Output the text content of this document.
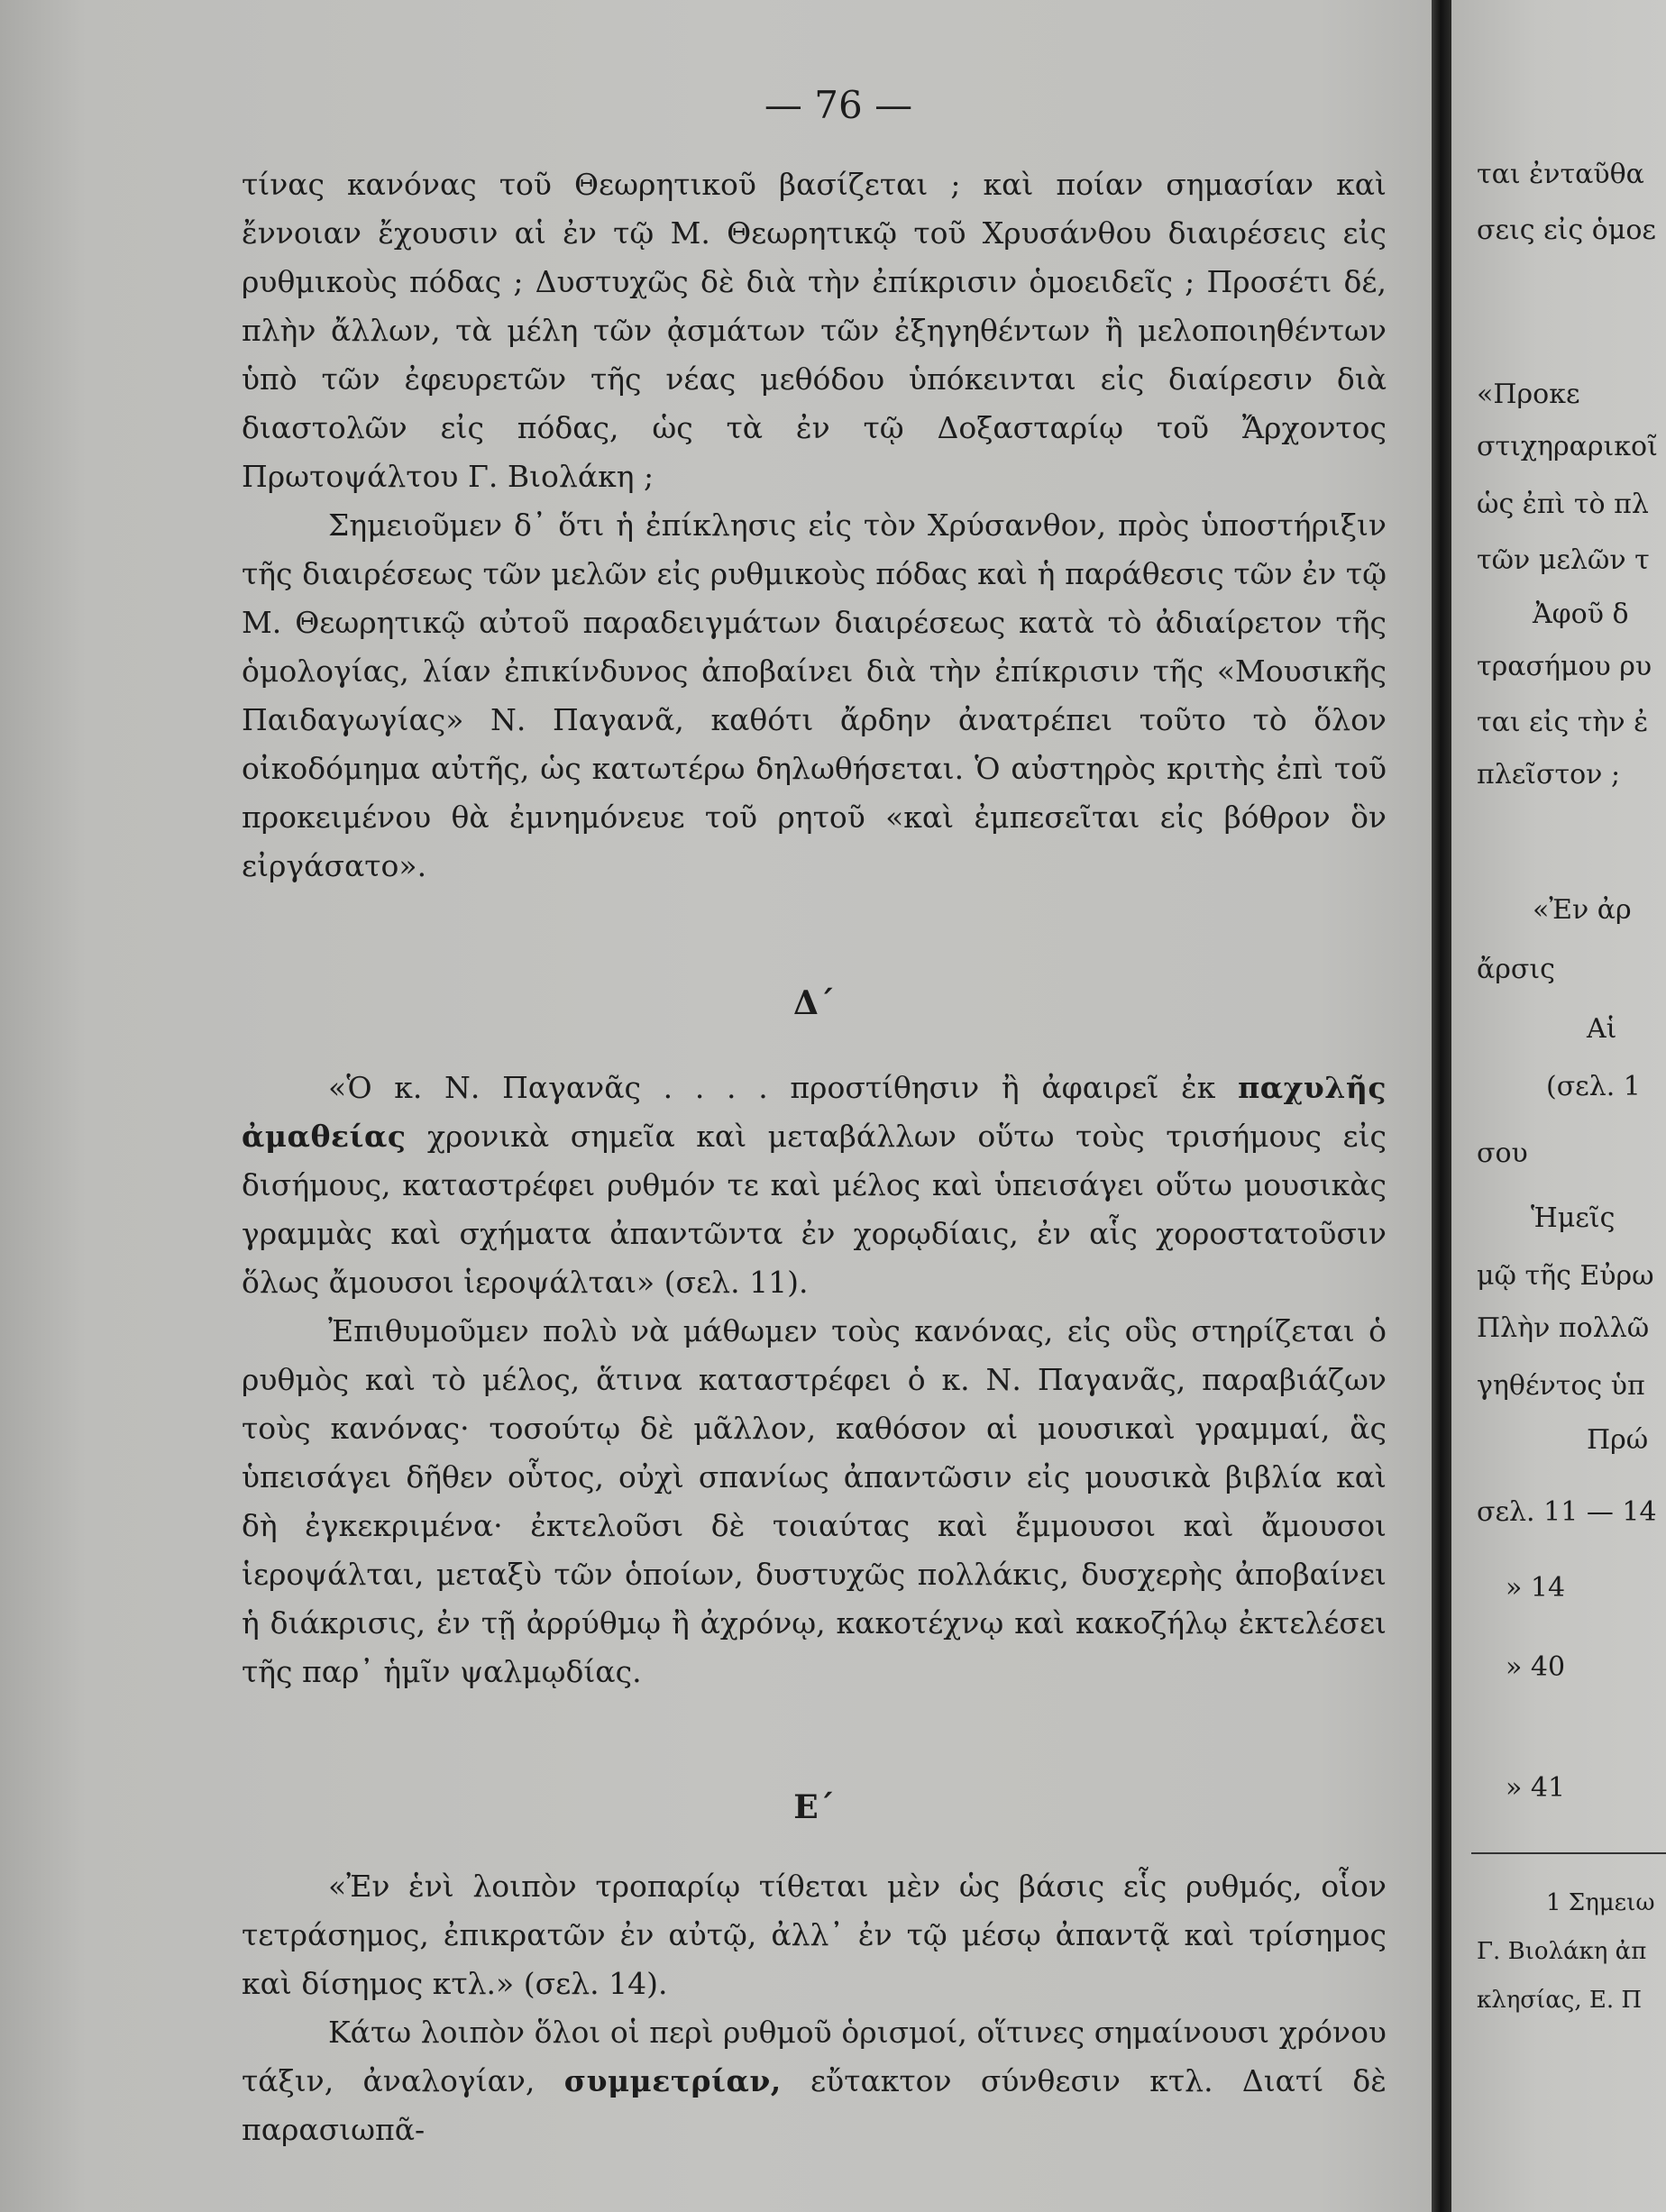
— 76 —

τίνας κανόνας τοῦ Θεωρητικοῦ βασίζεται ; καὶ ποίαν σημασίαν καὶ ἔννοιαν ἔχουσιν αἱ ἐν τῷ Μ. Θεωρητικῷ τοῦ Χρυσάνθου διαιρέσεις εἰς ρυθμικοὺς πόδας ; Δυστυχῶς δὲ διὰ τὴν ἐπίκρισιν ὁμοειδεῖς ; Προσέτι δέ, πλὴν ἄλλων, τὰ μέλη τῶν ᾀσμάτων τῶν ἐξηγηθέντων ἢ μελοποιηθέντων ὑπὸ τῶν ἐφευρετῶν τῆς νέας μεθόδου ὑπόκεινται εἰς διαίρεσιν διὰ διαστολῶν εἰς πόδας, ὡς τὰ ἐν τῷ Δοξασταρίῳ τοῦ Ἄρχοντος Πρωτοψάλτου Γ. Βιολάκη ;

Σημειοῦμεν δ᾽ ὅτι ἡ ἐπίκλησις εἰς τὸν Χρύσανθον, πρὸς ὑποστήριξιν τῆς διαιρέσεως τῶν μελῶν εἰς ρυθμικοὺς πόδας καὶ ἡ παράθεσις τῶν ἐν τῷ Μ. Θεωρητικῷ αὐτοῦ παραδειγμάτων διαιρέσεως κατὰ τὸ ἀδιαίρετον τῆς ὁμολογίας, λίαν ἐπικίνδυνος ἀποβαίνει διὰ τὴν ἐπίκρισιν τῆς «Μουσικῆς Παιδαγωγίας» Ν. Παγανᾶ, καθότι ἄρδην ἀνατρέπει τοῦτο τὸ ὅλον οἰκοδόμημα αὐτῆς, ὡς κατωτέρω δηλωθήσεται. Ὁ αὐστηρὸς κριτὴς ἐπὶ τοῦ προκειμένου θὰ ἐμνημόνευε τοῦ ρητοῦ «καὶ ἐμπεσεῖται εἰς βόθρον ὃν εἰργάσατο».

Δ΄

«Ὁ κ. Ν. Παγανᾶς . . . . προστίθησιν ἢ ἀφαιρεῖ ἐκ παχυλῆς ἀμαθείας χρονικὰ σημεῖα καὶ μεταβάλλων οὕτω τοὺς τρισήμους εἰς δισήμους, καταστρέφει ρυθμόν τε καὶ μέλος καὶ ὑπεισάγει οὕτω μουσικὰς γραμμὰς καὶ σχήματα ἀπαντῶντα ἐν χορῳδίαις, ἐν αἷς χοροστατοῦσιν ὅλως ἄμουσοι ἱεροψάλται» (σελ. 11).

Ἐπιθυμοῦμεν πολὺ νὰ μάθωμεν τοὺς κανόνας, εἰς οὓς στηρίζεται ὁ ρυθμὸς καὶ τὸ μέλος, ἅτινα καταστρέφει ὁ κ. Ν. Παγανᾶς, παραβιάζων τοὺς κανόνας· τοσούτῳ δὲ μᾶλλον, καθόσον αἱ μουσικαὶ γραμμαί, ἃς ὑπεισάγει δῆθεν οὗτος, οὐχὶ σπανίως ἀπαντῶσιν εἰς μουσικὰ βιβλία καὶ δὴ ἐγκεκριμένα· ἐκτελοῦσι δὲ τοιαύτας καὶ ἔμμουσοι καὶ ἄμουσοι ἱεροψάλται, μεταξὺ τῶν ὁποίων, δυστυχῶς πολλάκις, δυσχερὴς ἀποβαίνει ἡ διάκρισις, ἐν τῇ ἀρρύθμῳ ἢ ἀχρόνῳ, κακοτέχνῳ καὶ κακοζήλῳ ἐκτελέσει τῆς παρ᾽ ἡμῖν ψαλμῳδίας.

Ε΄

«Ἐν ἑνὶ λοιπὸν τροπαρίῳ τίθεται μὲν ὡς βάσις εἷς ρυθμός, οἷον τετράσημος, ἐπικρατῶν ἐν αὐτῷ, ἀλλ᾽ ἐν τῷ μέσῳ ἀπαντᾷ καὶ τρίσημος καὶ δίσημος κτλ.» (σελ. 14).

Κάτω λοιπὸν ὅλοι οἱ περὶ ρυθμοῦ ὁρισμοί, οἵτινες σημαίνουσι χρόνου τάξιν, ἀναλογίαν, συμμετρίαν, εὔτακτον σύνθεσιν κτλ. Διατί δὲ παρασιωπᾶ-

ται ἐνταῦθα
σεις εἰς ὁμοε
«Προκε
στιχηραρικοῖ
ὡς ἐπὶ τὸ πλ
τῶν μελῶν τ
Ἀφοῦ δ
τρασήμου ρυ
ται εἰς τὴν ἐ
πλεῖστον ;
«Ἐν ἀρ
ἄρσις
Αἱ
(σελ. 1
σου
Ἡμεῖς
μῷ τῆς Εὐρω
Πλὴν πολλῶ
γηθέντος ὑπ
Πρώ
σελ. 11 — 14
» 14
» 40
» 41
1 Σημειω
Γ. Βιολάκη ἀπ
κλησίας, Ε. Π
